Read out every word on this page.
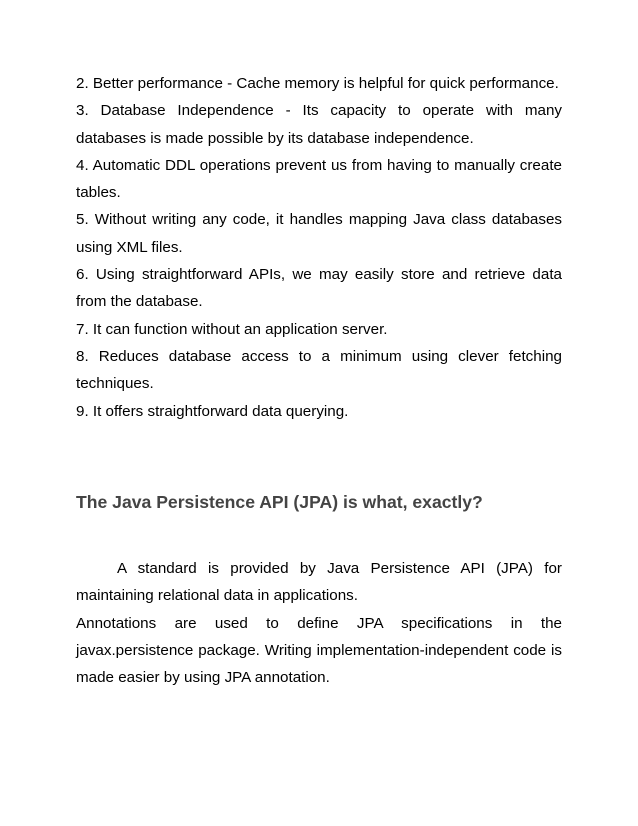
2. Better performance - Cache memory is helpful for quick performance.

3. Database Independence - Its capacity to operate with many databases is made possible by its database independence.

4. Automatic DDL operations prevent us from having to manually create tables.

5. Without writing any code, it handles mapping Java class databases using XML files.

6. Using straightforward APIs, we may easily store and retrieve data from the database.

7. It can function without an application server.

8. Reduces database access to a minimum using clever fetching techniques.

9. It offers straightforward data querying.

The Java Persistence API (JPA) is what, exactly?

A standard is provided by Java Persistence API (JPA) for maintaining relational data in applications.

Annotations are used to define JPA specifications in the javax.persistence package. Writing implementation-independent code is made easier by using JPA annotation.
